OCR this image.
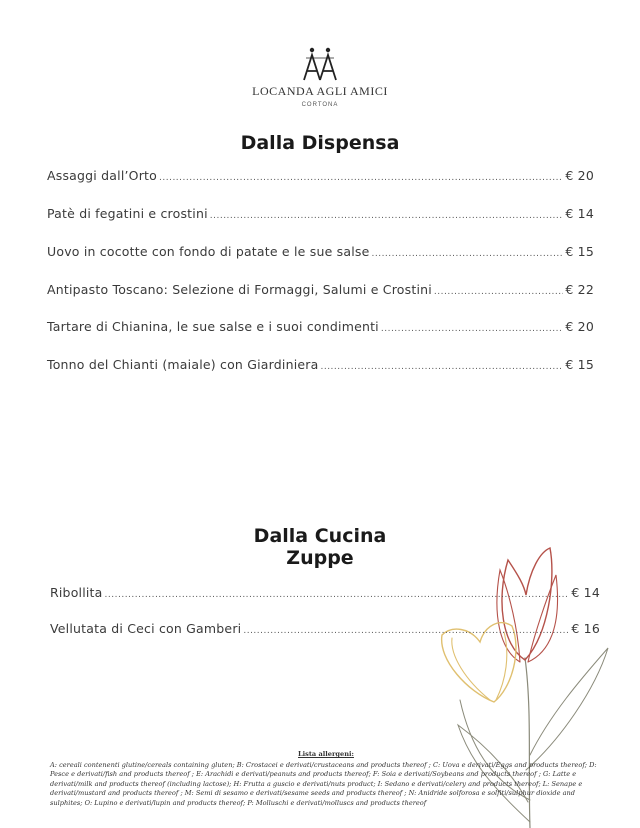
LOCANDA AGLI AMICI
CORTONA
Dalla Dispensa
Assaggi dall’Orto .....	€ 20
Patè di fegatini e crostini .....	€ 14
Uovo in cocotte con fondo di patate e le sue salse .....	€ 15
Antipasto Toscano: Selezione di Formaggi, Salumi e Crostini .....	€ 22
Tartare di Chianina, le sue salse e i suoi condimenti .....	€ 20
Tonno del Chianti (maiale) con Giardiniera .....	€ 15
Dalla Cucina
Zuppe
Ribollita .....	€ 14
Vellutata di Ceci con Gamberi .....	€ 16
Lista allergeni:
A: cereali contenenti glutine/cereals containing gluten; B: Crostacei e derivati/crustaceans and products thereof ; C: Uova e derivati/Eggs and products thereof; D: Pesce e derivati/fish and products thereof ; E: Arachidi e derivati/peanuts and products thereof; F: Soia e derivati/Soybeans and products thereof ; G: Latte e derivati/milk and products thereof (including lactose); H: Frutta a guscio e derivati/nuts product; I: Sedano e derivati/celery and products thereof; L: Senape e derivati/mustard and products thereof ; M: Semi di sesamo e derivati/sesame seeds and products thereof ; N: Anidride solforosa e solfiti/sulphur dioxide and sulphites; O: Lupino e derivati/lupin and products thereof; P: Molluschi e derivati/molluscs and products thereof
